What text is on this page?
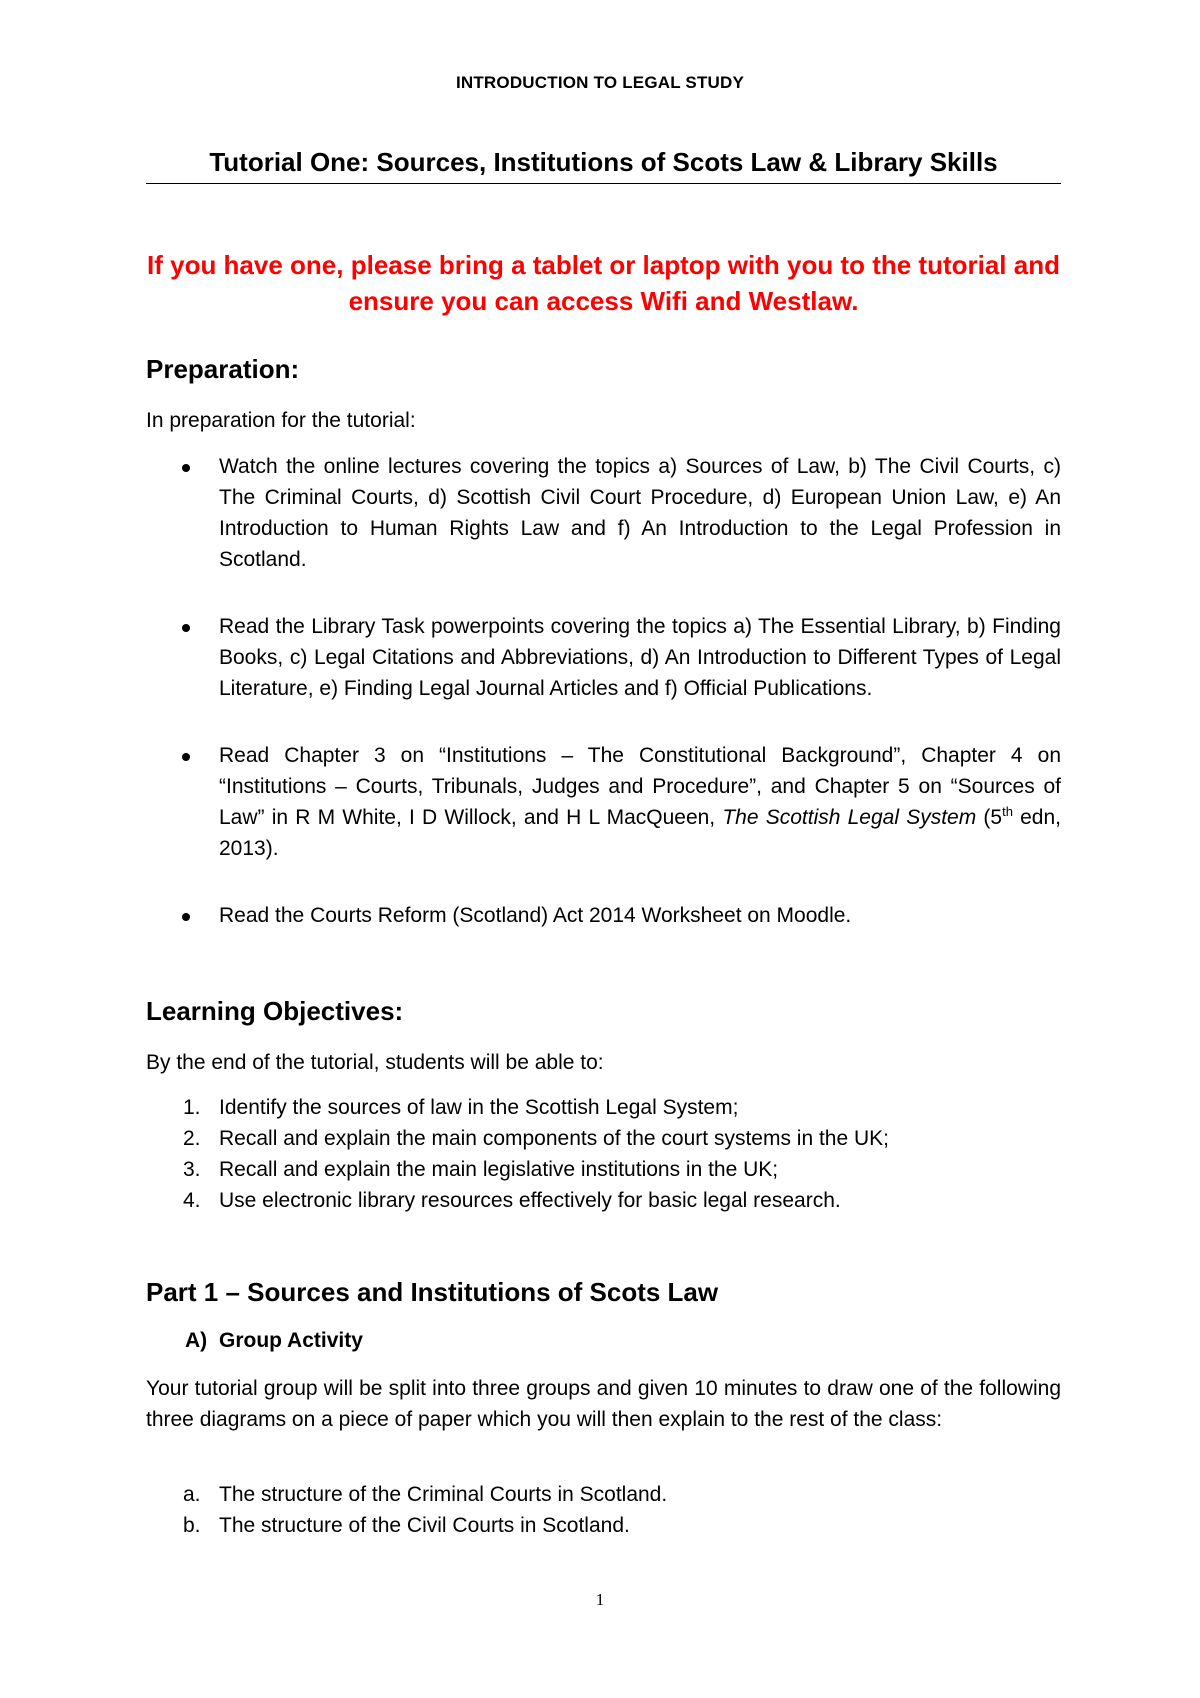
INTRODUCTION TO LEGAL STUDY
Tutorial One: Sources, Institutions of Scots Law & Library Skills
If you have one, please bring a tablet or laptop with you to the tutorial and ensure you can access Wifi and Westlaw.
Preparation:
In preparation for the tutorial:
Watch the online lectures covering the topics a) Sources of Law, b) The Civil Courts, c) The Criminal Courts, d) Scottish Civil Court Procedure, d) European Union Law, e) An Introduction to Human Rights Law and f) An Introduction to the Legal Profession in Scotland.
Read the Library Task powerpoints covering the topics a) The Essential Library, b) Finding Books, c) Legal Citations and Abbreviations, d) An Introduction to Different Types of Legal Literature, e) Finding Legal Journal Articles and f) Official Publications.
Read Chapter 3 on “Institutions – The Constitutional Background”, Chapter 4 on “Institutions – Courts, Tribunals, Judges and Procedure”, and Chapter 5 on “Sources of Law” in R M White, I D Willock, and H L MacQueen, The Scottish Legal System (5th edn, 2013).
Read the Courts Reform (Scotland) Act 2014 Worksheet on Moodle.
Learning Objectives:
By the end of the tutorial, students will be able to:
1. Identify the sources of law in the Scottish Legal System;
2. Recall and explain the main components of the court systems in the UK;
3. Recall and explain the main legislative institutions in the UK;
4. Use electronic library resources effectively for basic legal research.
Part 1 – Sources and Institutions of Scots Law
A) Group Activity
Your tutorial group will be split into three groups and given 10 minutes to draw one of the following three diagrams on a piece of paper which you will then explain to the rest of the class:
a. The structure of the Criminal Courts in Scotland.
b. The structure of the Civil Courts in Scotland.
1
